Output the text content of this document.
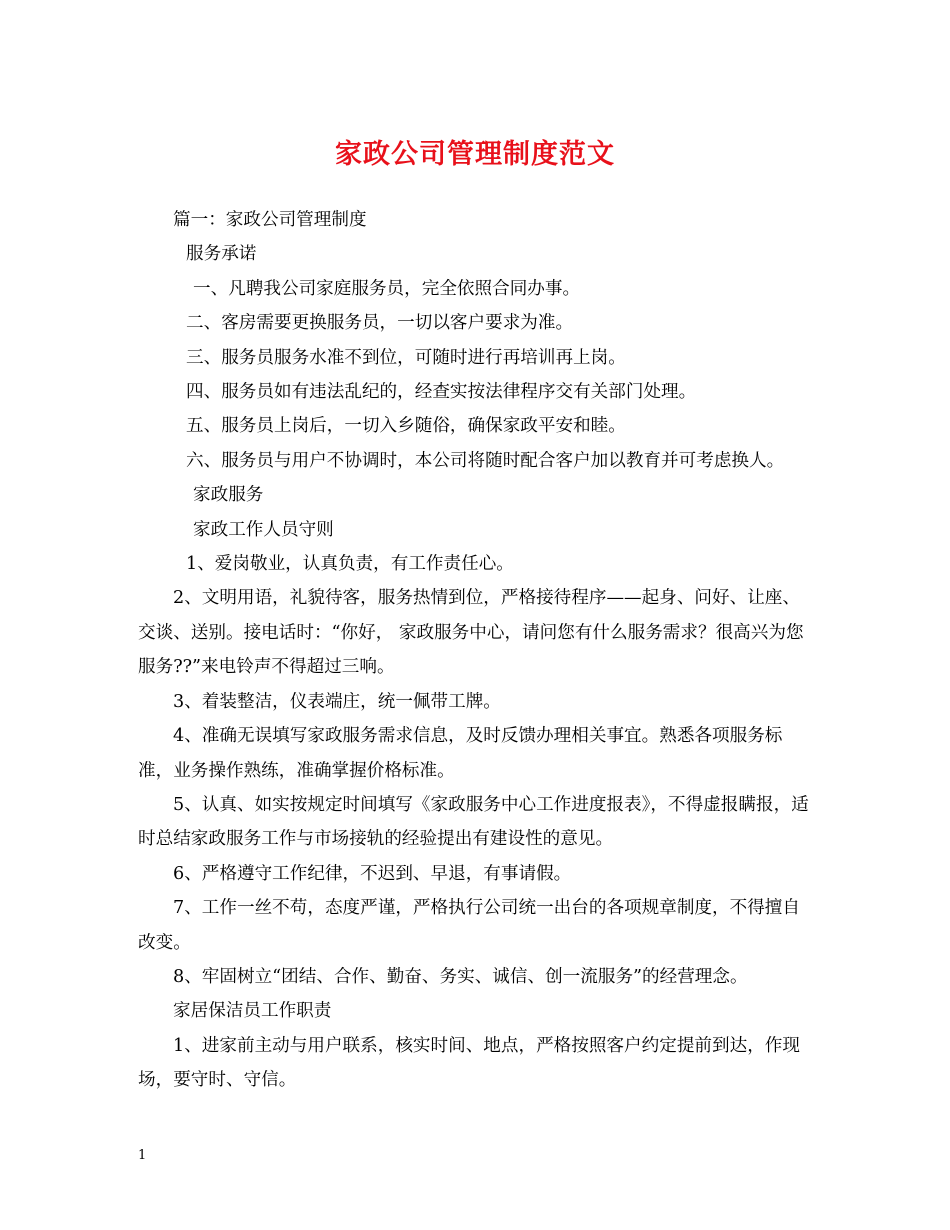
家政公司管理制度范文

篇一：家政公司管理制度

服务承诺

一、凡聘我公司家庭服务员，完全依照合同办事。

二、客房需要更换服务员，一切以客户要求为准。

三、服务员服务水准不到位，可随时进行再培训再上岗。

四、服务员如有违法乱纪的，经查实按法律程序交有关部门处理。

五、服务员上岗后，一切入乡随俗，确保家政平安和睦。

六、服务员与用户不协调时，本公司将随时配合客户加以教育并可考虑换人。

家政服务

家政工作人员守则

1、爱岗敬业，认真负责，有工作责任心。

2、文明用语，礼貌待客，服务热情到位，严格接待程序——起身、问好、让座、交谈、送别。接电话时：“你好， 家政服务中心，请问您有什么服务需求？很高兴为您服务??”来电铃声不得超过三响。

3、着装整洁，仪表端庄，统一佩带工牌。

4、准确无误填写家政服务需求信息，及时反馈办理相关事宜。熟悉各项服务标准，业务操作熟练，准确掌握价格标准。

5、认真、如实按规定时间填写《家政服务中心工作进度报表》，不得虚报瞒报，适时总结家政服务工作与市场接轨的经验提出有建设性的意见。

6、严格遵守工作纪律，不迟到、早退，有事请假。

7、工作一丝不苟，态度严谨，严格执行公司统一出台的各项规章制度，不得擅自改变。

8、牢固树立“团结、合作、勤奋、务实、诚信、创一流服务”的经营理念。

家居保洁员工作职责

1、进家前主动与用户联系，核实时间、地点，严格按照客户约定提前到达，作现场，要守时、守信。

1
